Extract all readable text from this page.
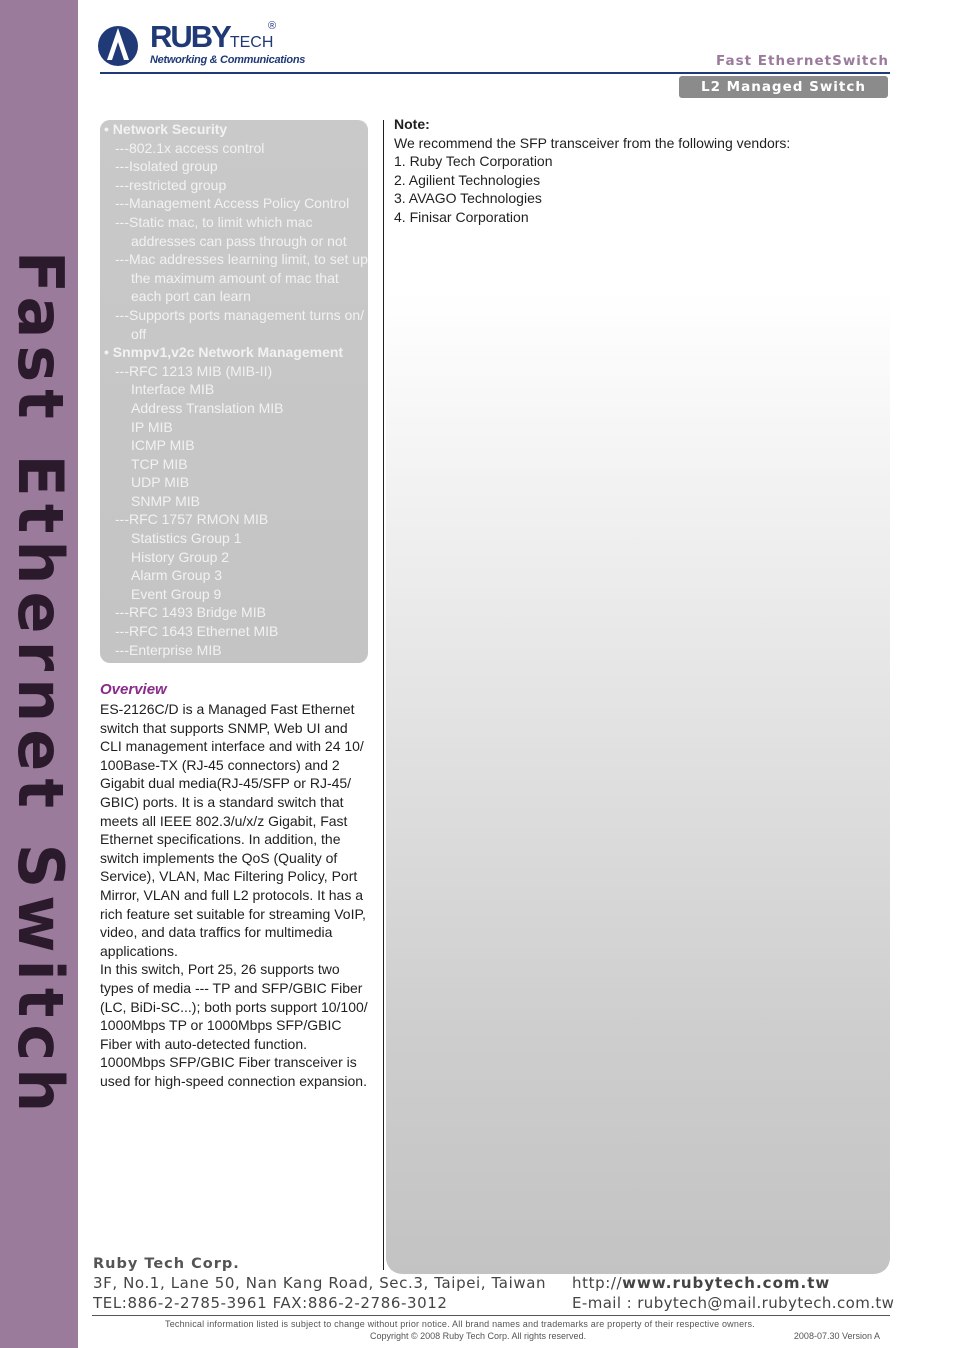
Fast Ethernet Switch
RUBYTECH
®
Networking & Communications	Fast EthernetSwitch
L2 Managed Switch
• Network Security
---802.1x access control
---Isolated group
---restricted group
---Management Access Policy Control
---Static mac, to limit which mac
addresses can pass through or not
---Mac addresses learning limit, to set up
the maximum amount of mac that
each port can learn
---Supports ports management turns on/
off
• Snmpv1,v2c Network Management
---RFC 1213 MIB (MIB-II)
Interface MIB
Address Translation MIB
IP MIB
ICMP MIB
TCP MIB
UDP MIB
SNMP MIB
---RFC 1757 RMON MIB
Statistics Group 1
History Group 2
Alarm Group 3
Event Group 9
---RFC 1493 Bridge MIB
---RFC 1643 Ethernet MIB
---Enterprise MIB
Overview

ES-2126C/D is a Managed Fast Ethernet

switch that supports SNMP, Web UI and

CLI management interface and with 24 10/

100Base-TX (RJ-45 connectors) and 2

Gigabit dual media(RJ-45/SFP or RJ-45/

GBIC) ports. It is a standard switch that

meets all IEEE 802.3/u/x/z Gigabit, Fast

Ethernet specifications. In addition, the

switch implements the QoS (Quality of

Service), VLAN, Mac Filtering Policy, Port

Mirror, VLAN and full L2 protocols. It has a

rich feature set suitable for streaming VoIP,

video, and data traffics for multimedia

applications.

In this switch, Port 25, 26 supports two

types of media --- TP and SFP/GBIC Fiber

(LC, BiDi-SC...); both ports support 10/100/

1000Mbps TP or 1000Mbps SFP/GBIC

Fiber with auto-detected function.

1000Mbps SFP/GBIC Fiber transceiver is

used for high-speed connection expansion.

Note:
We recommend the SFP transceiver from the following vendors:
1. Ruby Tech Corporation
2. Agilient Technologies
3. AVAGO Technologies
4. Finisar Corporation
Ruby Tech Corp.
3F, No.1, Lane 50, Nan Kang Road, Sec.3, Taipei, Taiwan
TEL:886-2-2785-3961 FAX:886-2-2786-3012
http://www.rubytech.com.tw
E-mail : rubytech@mail.rubytech.com.tw
Technical information listed is subject to change without prior notice. All brand names and trademarks are property of their respective owners.
Copyright © 2008 Ruby Tech Corp. All rights reserved.	2008-07.30 Version A
